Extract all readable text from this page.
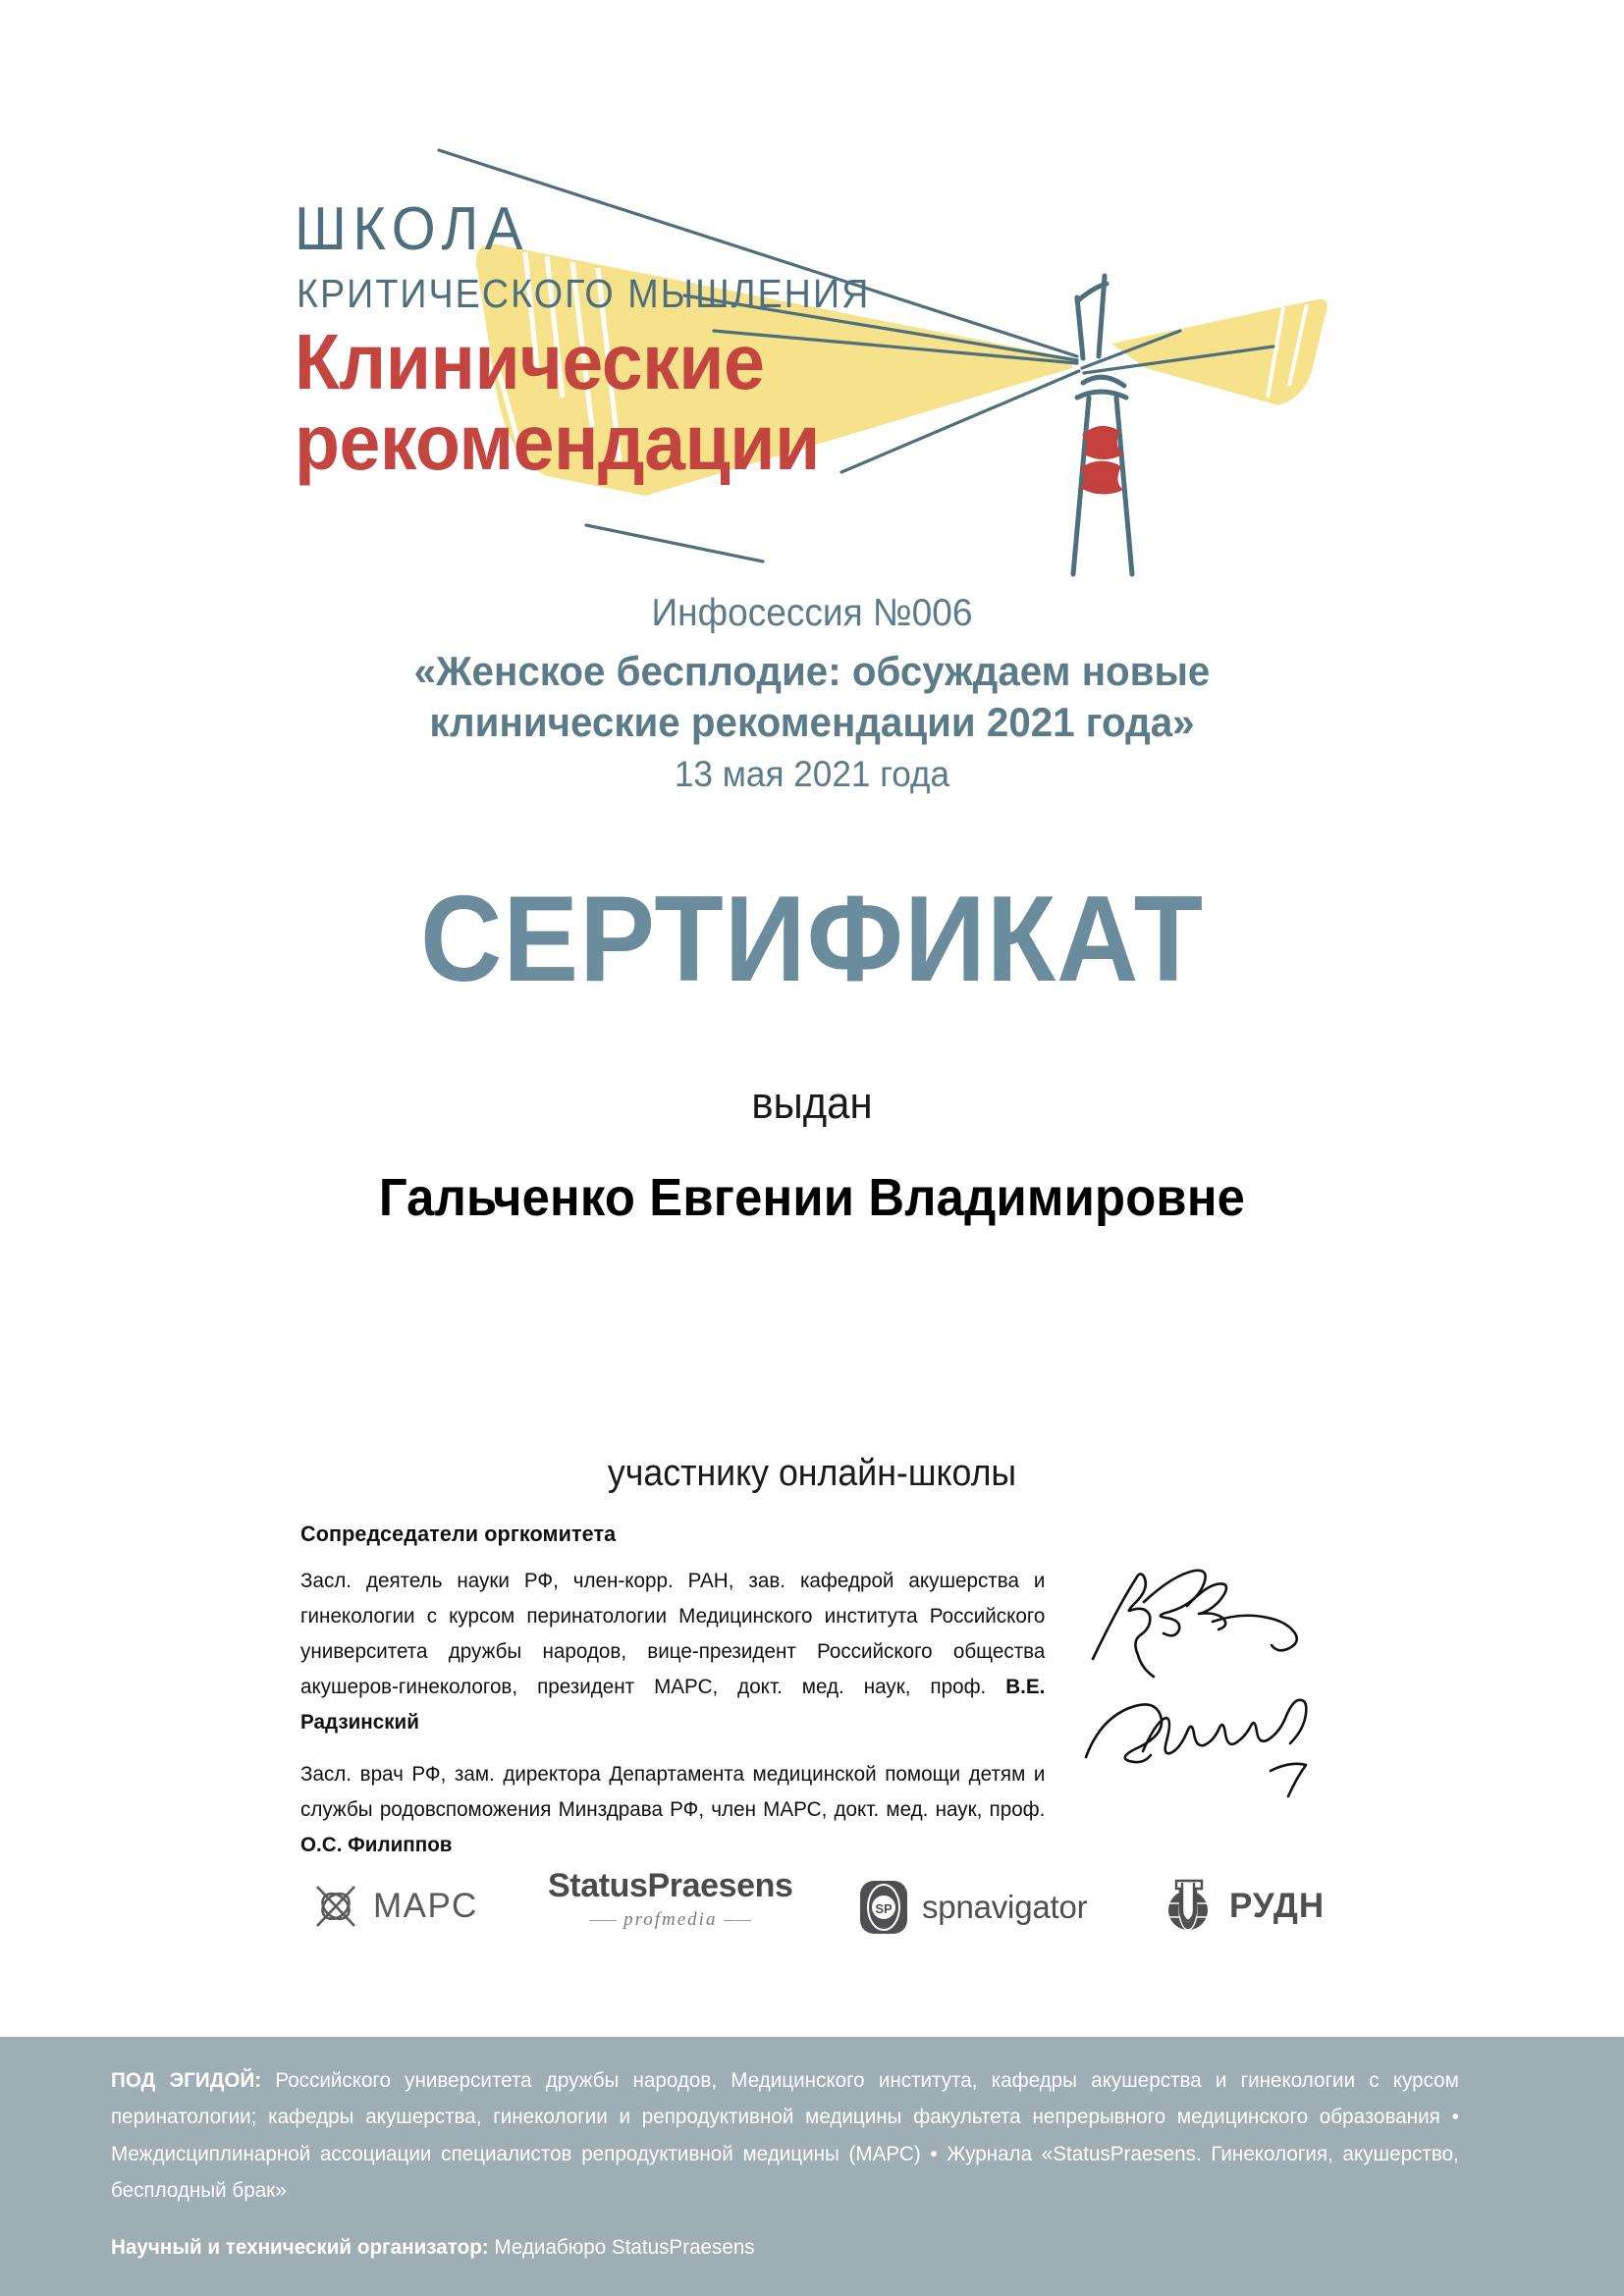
ШКОЛА
КРИТИЧЕСКОГО МЫШЛЕНИЯ
Клинические
рекомендации
Инфосессия №006
«Женское бесплодие: обсуждаем новые
клинические рекомендации 2021 года»
13 мая 2021 года
СЕРТИФИКАТ
выдан
Гальченко Евгении Владимировне
участнику онлайн-школы
Сопредседатели оргкомитета
Засл. деятель науки РФ, член-корр. РАН, зав. кафедрой акушерства и гинекологии с курсом перинатологии Медицинского института Российского университета дружбы народов, вице-президент Российского общества акушеров-гинекологов, президент МАРС, докт. мед. наук, проф. В.Е. Радзинский
Засл. врач РФ, зам. директора Департамента медицинской помощи детям и службы родовспоможения Минздрава РФ, член МАРС, докт. мед. наук, проф. О.С. Филиппов
МАРС
StatusPraesens
profmedia
SP spnavigator	РУДН
ПОД ЭГИДОЙ: Российского университета дружбы народов, Медицинского института, кафедры акушерства и гинекологии с курсом перинатологии; кафедры акушерства, гинекологии и репродуктивной медицины факультета непрерывного медицинского образования • Междисциплинарной ассоциации специалистов репродуктивной медицины (МАРС) • Журнала «StatusPraesens. Гинекология, акушерство, бесплодный брак»
Научный и технический организатор: Медиабюро StatusPraesens
